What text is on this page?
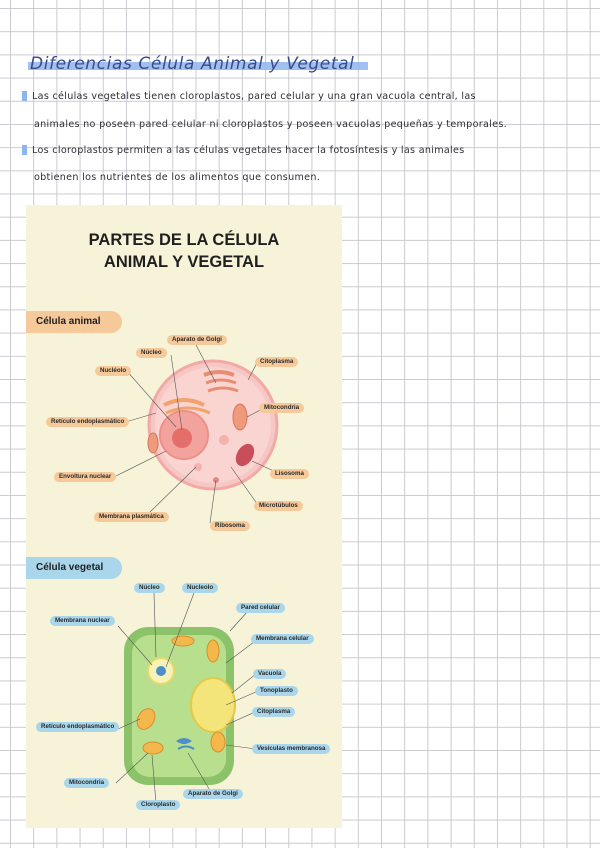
Diferencias Célula Animal y Vegetal
Las células vegetales tienen cloroplastos, pared celular y una gran vacuola central, las
animales no poseen pared celular ni cloroplastos y poseen vacuolas pequeñas y temporales.
Los cloroplastos permiten a las células vegetales hacer la fotosíntesis y las animales
obtienen los nutrientes de los alimentos que consumen.
PARTES DE LA CÉLULA
ANIMAL Y VEGETAL
Célula animal
Célula vegetal
Aparato de Golgi
Núcleo
Nucléolo
Citoplasma
Mitocondria
Retículo endoplasmático
Envoltura nuclear	Lisosoma
Microtúbulos
Membrana plasmática
Ribosoma
Núcleo	Nucleolo
Membrana nuclear
Pared celular
Membrana celular
Vacuola
Tonoplasto
Citoplasma
Retículo endoplasmático
Vesículas membranosa
Mitocondria
Aparato de Golgi
Cloroplasto
